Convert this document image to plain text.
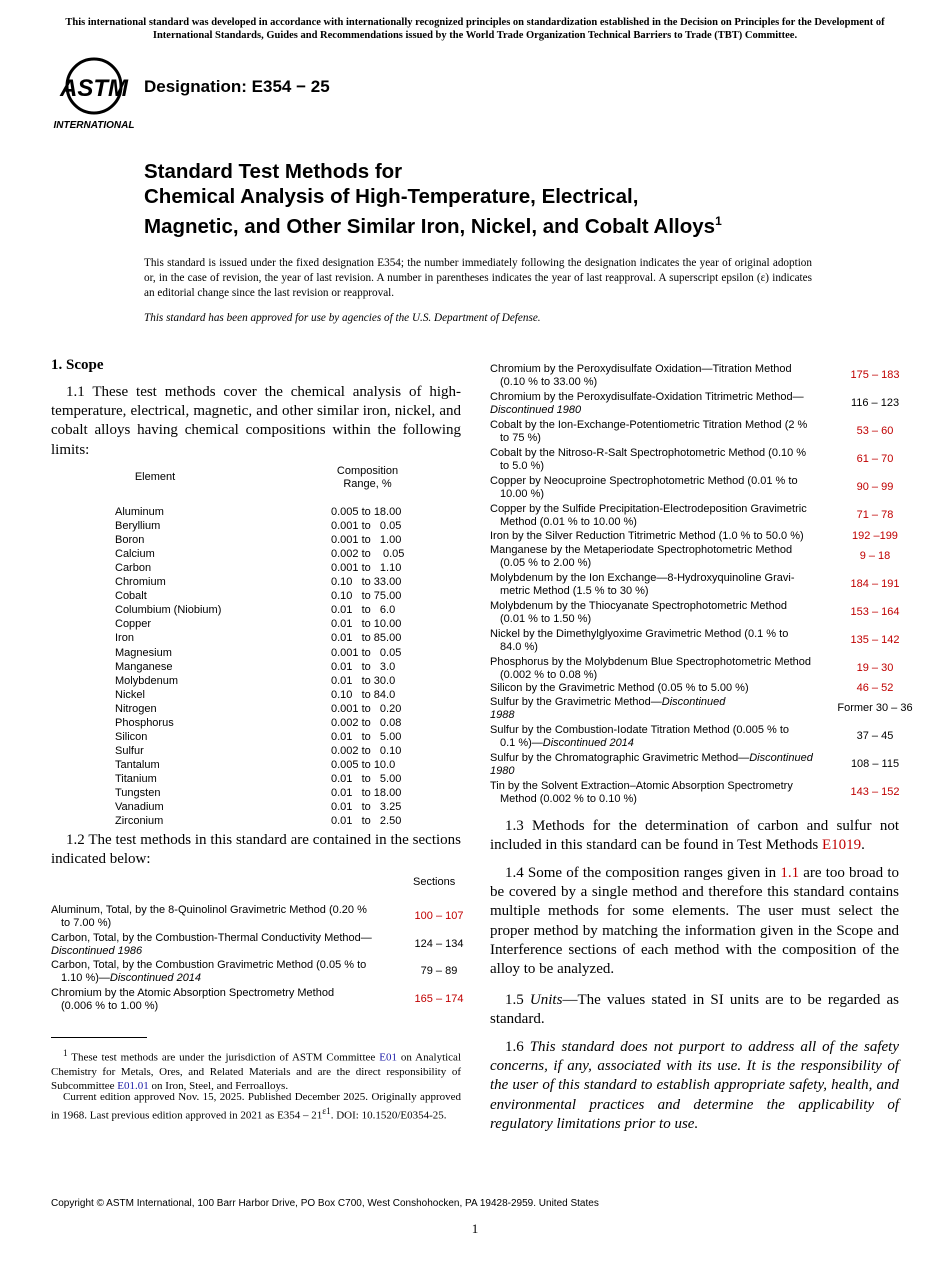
This international standard was developed in accordance with internationally recognized principles on standardization established in the Decision on Principles for the Development of International Standards, Guides and Recommendations issued by the World Trade Organization Technical Barriers to Trade (TBT) Committee.
ASTM
INTERNATIONAL
Designation: E354 − 25
Standard Test Methods for
Chemical Analysis of High-Temperature, Electrical,
Magnetic, and Other Similar Iron, Nickel, and Cobalt Alloys$^1$
This standard is issued under the fixed designation E354; the number immediately following the designation indicates the year of original adoption or, in the case of revision, the year of last revision. A number in parentheses indicates the year of last reapproval. A superscript epsilon (ε) indicates an editorial change since the last revision or reapproval.
This standard has been approved for use by agencies of the U.S. Department of Defense.
1. Scope
1.1 These test methods cover the chemical analysis of high-temperature, electrical, magnetic, and other similar iron, nickel, and cobalt alloys having chemical compositions within the following limits:
Element	Composition
Range, %
Aluminum	0.005 to 18.00
Beryllium	0.001 to   0.05
Boron	0.001 to   1.00
Calcium	0.002 to    0.05
Carbon	0.001 to   1.10
Chromium	0.10   to 33.00
Cobalt	0.10   to 75.00
Columbium (Niobium)	0.01   to   6.0
Copper	0.01   to 10.00
Iron	0.01   to 85.00
Magnesium	0.001 to   0.05
Manganese	0.01   to   3.0
Molybdenum	0.01   to 30.0
Nickel	0.10   to 84.0
Nitrogen	0.001 to   0.20
Phosphorus	0.002 to   0.08
Silicon	0.01   to   5.00
Sulfur	0.002 to   0.10
Tantalum	0.005 to 10.0
Titanium	0.01   to   5.00
Tungsten	0.01   to 18.00
Vanadium	0.01   to   3.25
Zirconium	0.01   to   2.50
1.2 The test methods in this standard are contained in the sections indicated below:
Sections
Aluminum, Total, by the 8-Quinolinol Gravimetric Method (0.20 %
to 7.00 %)
100 – 107
Carbon, Total, by the Combustion-Thermal Conductivity Method—
Discontinued 1986
124 – 134
Carbon, Total, by the Combustion Gravimetric Method (0.05 % to
1.10 %)—Discontinued 2014
79 – 89
Chromium by the Atomic Absorption Spectrometry Method
(0.006 % to 1.00 %)
165 – 174
$^1$ These test methods are under the jurisdiction of ASTM Committee E01 on Analytical Chemistry for Metals, Ores, and Related Materials and are the direct responsibility of Subcommittee E01.01 on Iron, Steel, and Ferroalloys.
Current edition approved Nov. 15, 2025. Published December 2025. Originally approved in 1968. Last previous edition approved in 2021 as $E354 - 21^{\varepsilon 1}$. DOI: 10.1520/E0354-25.
Chromium by the Peroxydisulfate Oxidation—Titration Method
(0.10 % to 33.00 %)
175 – 183
Chromium by the Peroxydisulfate-Oxidation Titrimetric Method—
Discontinued 1980
116 – 123
Cobalt by the Ion-Exchange-Potentiometric Titration Method (2 %
to 75 %)
53 – 60
Cobalt by the Nitroso-R-Salt Spectrophotometric Method (0.10 %
to 5.0 %)
61 – 70
Copper by Neocuproine Spectrophotometric Method (0.01 % to
10.00 %)
90 – 99
Copper by the Sulfide Precipitation-Electrodeposition Gravimetric
Method (0.01 % to 10.00 %)
71 – 78
Iron by the Silver Reduction Titrimetric Method (1.0 % to 50.0 %)	192 –199
Manganese by the Metaperiodate Spectrophotometric Method
(0.05 % to 2.00 %)
9 – 18
Molybdenum by the Ion Exchange—8-Hydroxyquinoline Gravi-
metric Method (1.5 % to 30 %)
184 – 191
Molybdenum by the Thiocyanate Spectrophotometric Method
(0.01 % to 1.50 %)
153 – 164
Nickel by the Dimethylglyoxime Gravimetric Method (0.1 % to
84.0 %)
135 – 142
Phosphorus by the Molybdenum Blue Spectrophotometric Method
(0.002 % to 0.08 %)
19 – 30
Silicon by the Gravimetric Method (0.05 % to 5.00 %)	46 – 52
Sulfur by the Gravimetric Method—Discontinued
1988
Former 30 – 36
Sulfur by the Combustion-Iodate Titration Method (0.005 % to
0.1 %)—Discontinued 2014
37 – 45
Sulfur by the Chromatographic Gravimetric Method—Discontinued
1980
108 – 115
Tin by the Solvent Extraction–Atomic Absorption Spectrometry
Method (0.002 % to 0.10 %)
143 – 152
1.3 Methods for the determination of carbon and sulfur not included in this standard can be found in Test Methods E1019.
1.4 Some of the composition ranges given in 1.1 are too broad to be covered by a single method and therefore this standard contains multiple methods for some elements. The user must select the proper method by matching the information given in the Scope and Interference sections of each method with the composition of the alloy to be analyzed.
1.5 Units—The values stated in SI units are to be regarded as standard.
1.6 This standard does not purport to address all of the safety concerns, if any, associated with its use. It is the responsibility of the user of this standard to establish appropriate safety, health, and environmental practices and determine the applicability of regulatory limitations prior to use.
Copyright © ASTM International, 100 Barr Harbor Drive, PO Box C700, West Conshohocken, PA 19428-2959. United States
1
